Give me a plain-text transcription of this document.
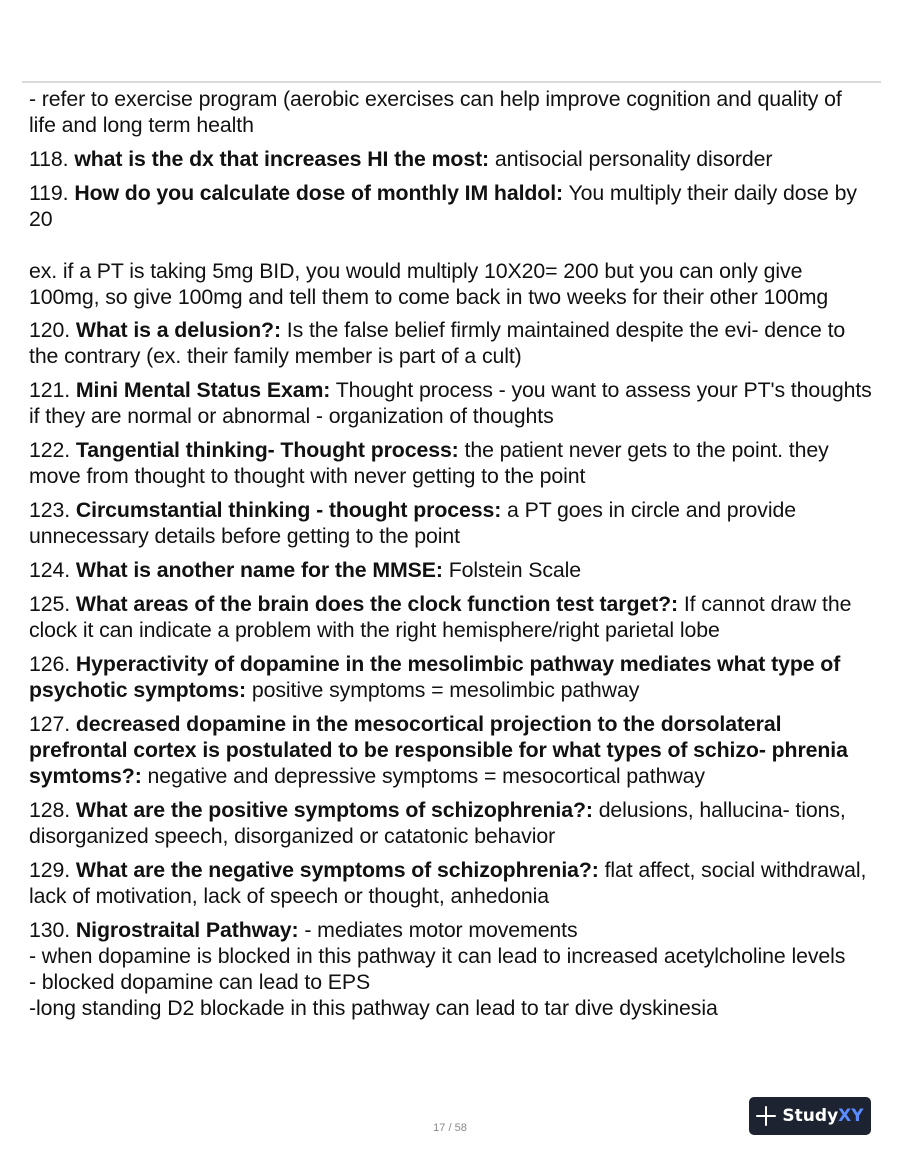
- refer to exercise program (aerobic exercises can help improve cognition and quality of life and long term health

118. what is the dx that increases HI the most: antisocial personality disorder

119. How do you calculate dose of monthly IM haldol: You multiply their daily dose by 20
ex. if a PT is taking 5mg BID, you would multiply 10X20= 200 but you can only give 100mg, so give 100mg and tell them to come back in two weeks for their other 100mg

120. What is a delusion?: Is the false belief firmly maintained despite the evi- dence to the contrary (ex. their family member is part of a cult)

121. Mini Mental Status Exam: Thought process - you want to assess your PT's thoughts if they are normal or abnormal - organization of thoughts

122. Tangential thinking- Thought process: the patient never gets to the point. they move from thought to thought with never getting to the point

123. Circumstantial thinking - thought process: a PT goes in circle and provide unnecessary details before getting to the point

124. What is another name for the MMSE: Folstein Scale

125. What areas of the brain does the clock function test target?: If cannot draw the clock it can indicate a problem with the right hemisphere/right parietal lobe

126. Hyperactivity of dopamine in the mesolimbic pathway mediates what type of psychotic symptoms: positive symptoms = mesolimbic pathway

127. decreased dopamine in the mesocortical projection to the dorsolateral prefrontal cortex is postulated to be responsible for what types of schizo- phrenia symtoms?: negative and depressive symptoms = mesocortical pathway

128. What are the positive symptoms of schizophrenia?: delusions, hallucina- tions, disorganized speech, disorganized or catatonic behavior

129. What are the negative symptoms of schizophrenia?: flat affect, social withdrawal, lack of motivation, lack of speech or thought, anhedonia

130. Nigrostraital Pathway: - mediates motor movements
- when dopamine is blocked in this pathway it can lead to increased acetylcholine levels
- blocked dopamine can lead to EPS
-long standing D2 blockade in this pathway can lead to tar dive dyskinesia

17 / 58
StudyXY
